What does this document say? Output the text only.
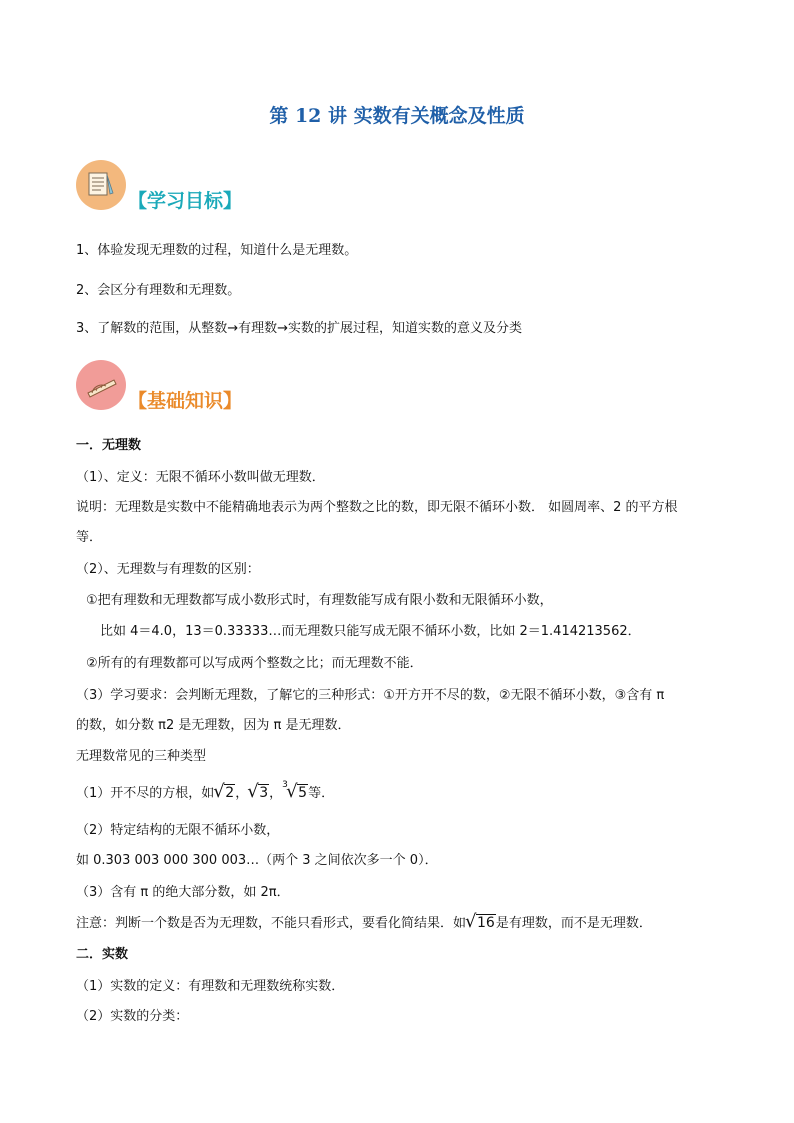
第 12 讲 实数有关概念及性质
【学习目标】
1、体验发现无理数的过程，知道什么是无理数。
2、会区分有理数和无理数。
3、了解数的范围，从整数→有理数→实数的扩展过程，知道实数的意义及分类
【基础知识】
一．无理数
（1）、定义：无限不循环小数叫做无理数．
说明：无理数是实数中不能精确地表示为两个整数之比的数，即无限不循环小数． 如圆周率、2 的平方根
等．
（2）、无理数与有理数的区别：
①把有理数和无理数都写成小数形式时，有理数能写成有限小数和无限循环小数，
比如 4＝4.0，13＝0.33333…而无理数只能写成无限不循环小数，比如 2＝1.414213562．
②所有的有理数都可以写成两个整数之比；而无理数不能．
（3）学习要求：会判断无理数，了解它的三种形式：①开方开不尽的数，②无限不循环小数，③含有 π
的数，如分数 π2 是无理数，因为 π 是无理数．
无理数常见的三种类型
（1）开不尽的方根，如 √ 2， √ 3，
√ 3 5等．
（2）特定结构的无限不循环小数，
如 0.303 003 000 300 003…（两个 3 之间依次多一个 0）．
（3）含有 π 的绝大部分数，如 2π．
注意：判断一个数是否为无理数，不能只看形式，要看化简结果．如 √ 16是有理数，而不是无理数．
二．实数
（1）实数的定义：有理数和无理数统称实数．
（2）实数的分类：
